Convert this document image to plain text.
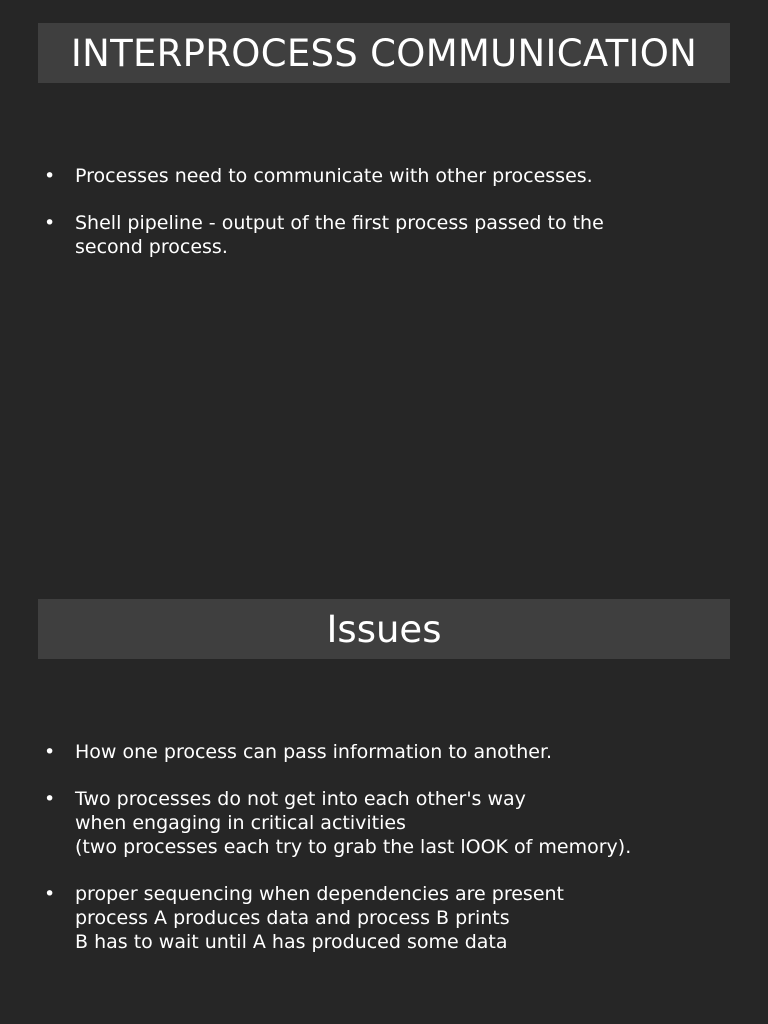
INTERPROCESS COMMUNICATION
• Processes need to communicate with other processes.
• Shell pipeline - output of the first process passed to the
second process.
Issues
• How one process can pass information to another.
• Two processes do not get into each other's way
when engaging in critical activities
(two processes each try to grab the last lOOK of memory).
• proper sequencing when dependencies are present
process A produces data and process B prints
B has to wait until A has produced some data
